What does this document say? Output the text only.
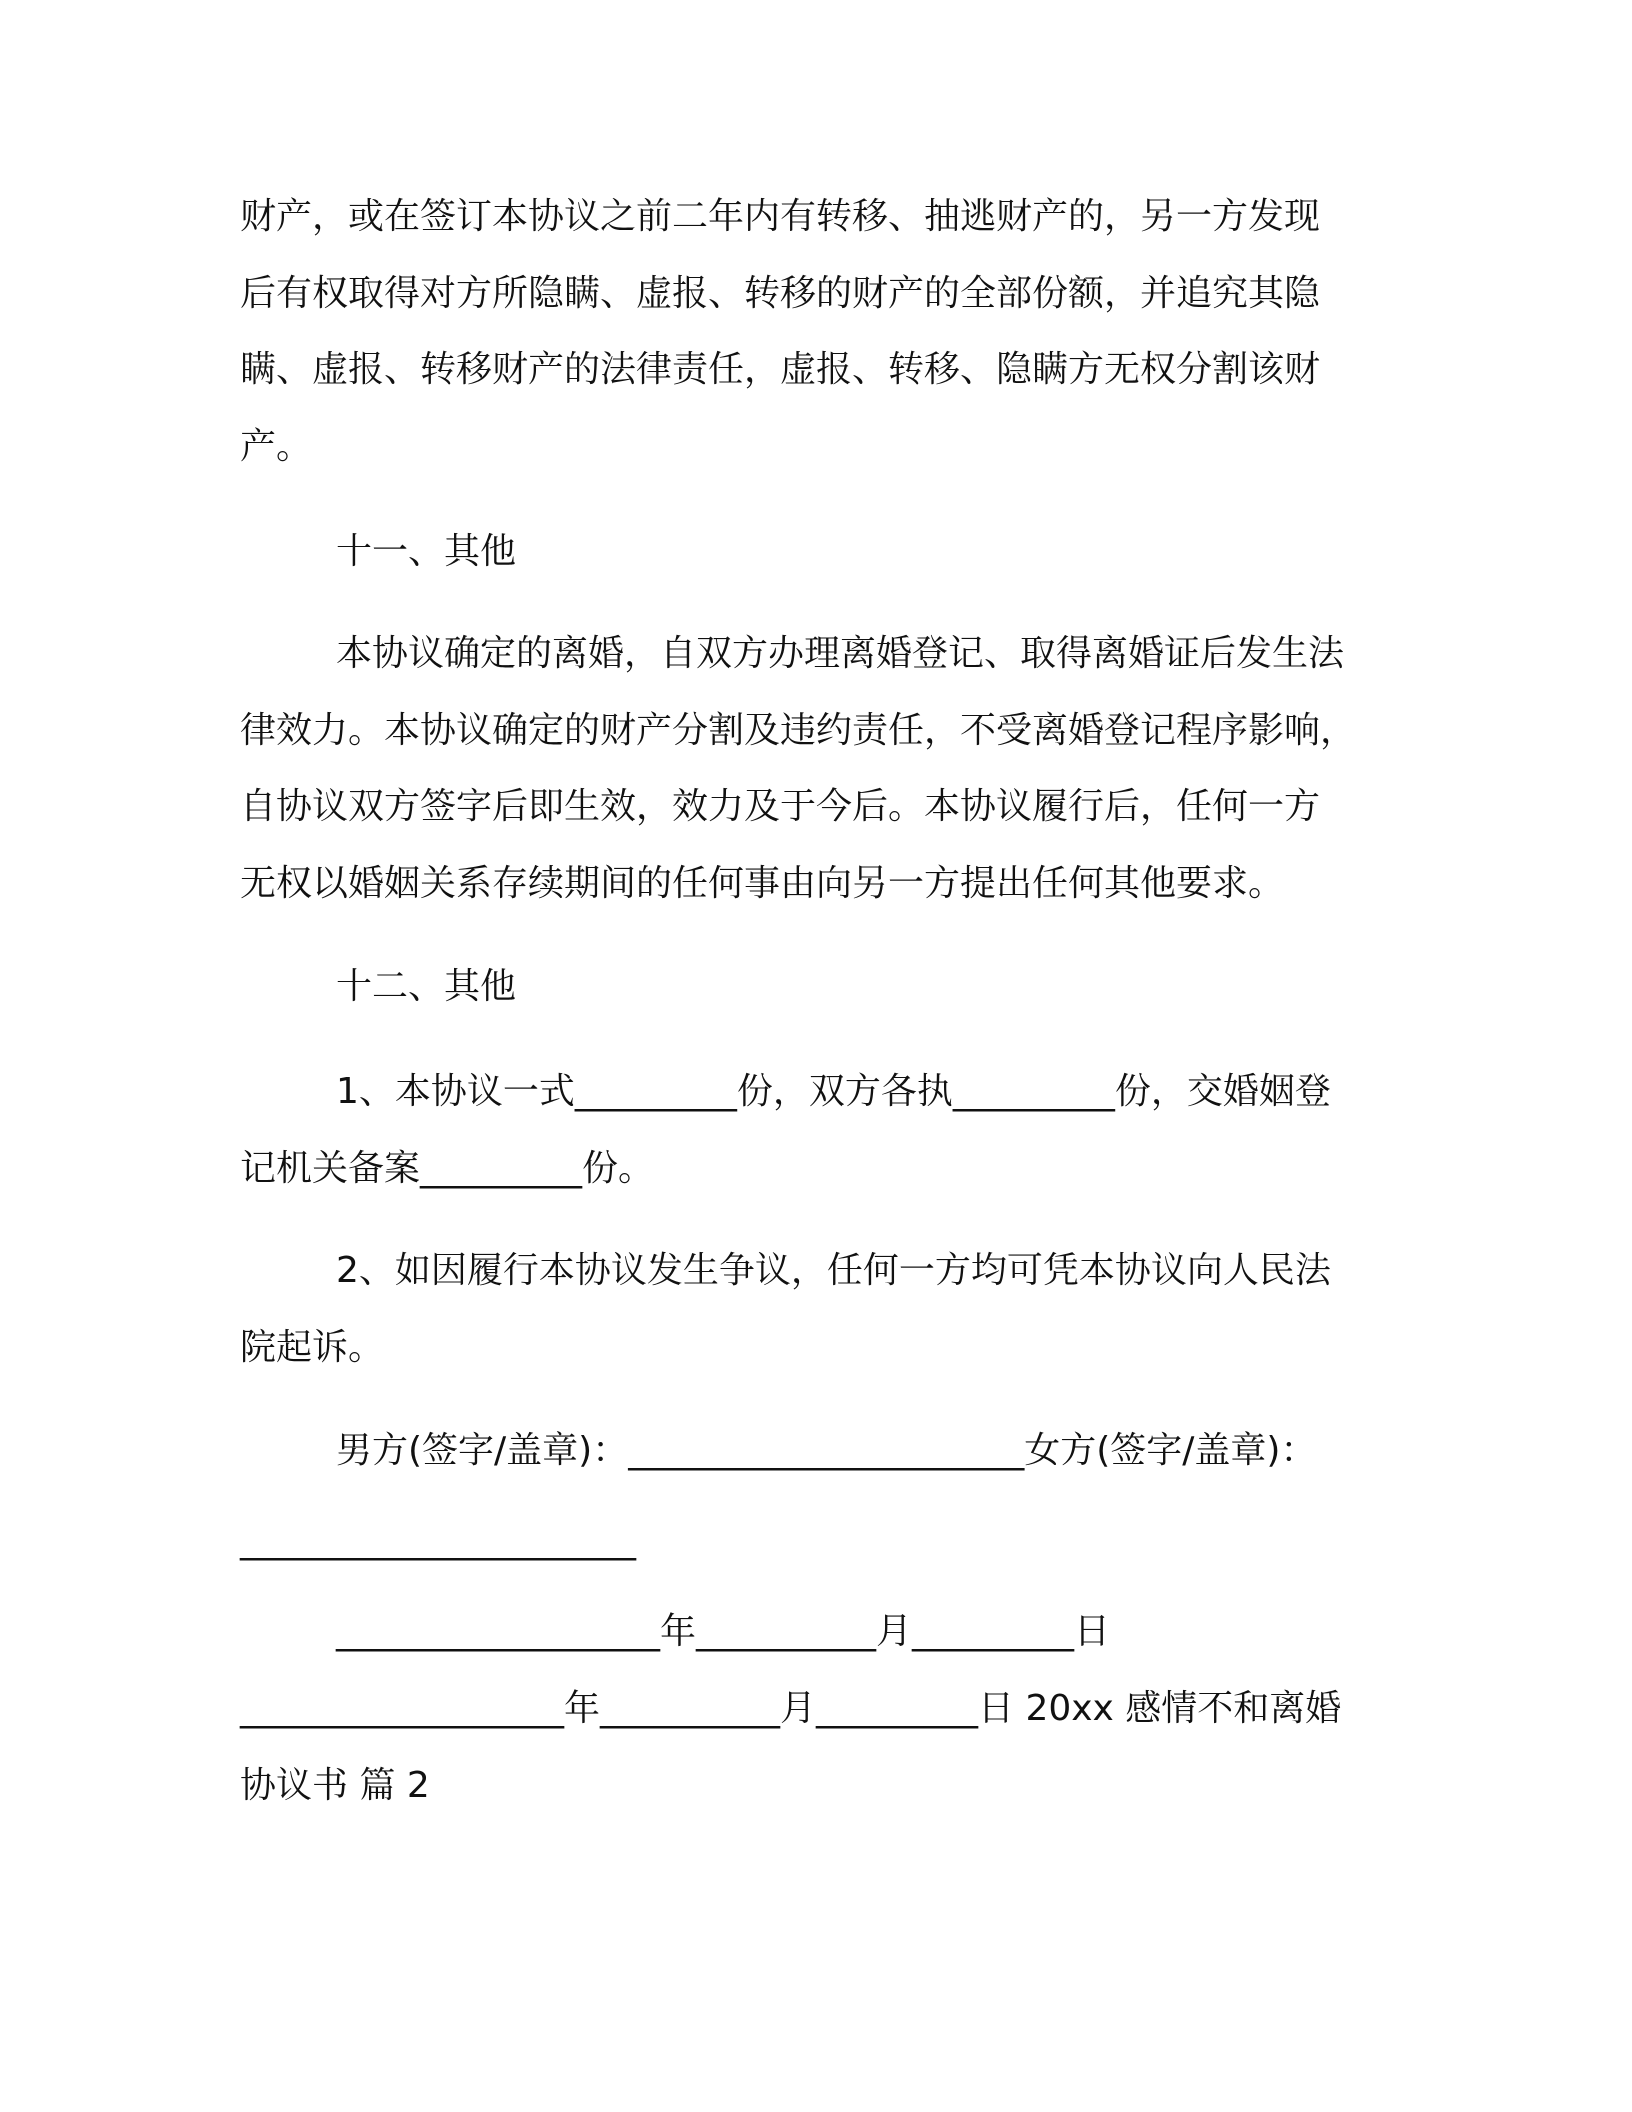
财产，或在签订本协议之前二年内有转移、抽逃财产的，另一方发现
后有权取得对方所隐瞒、虚报、转移的财产的全部份额，并追究其隐
瞒、虚报、转移财产的法律责任，虚报、转移、隐瞒方无权分割该财
产。
十一、其他
本协议确定的离婚，自双方办理离婚登记、取得离婚证后发生法
律效力。本协议确定的财产分割及违约责任，不受离婚登记程序影响，
自协议双方签字后即生效，效力及于今后。本协议履行后，任何一方
无权以婚姻关系存续期间的任何事由向另一方提出任何其他要求。
十二、其他
1、本协议一式_________份，双方各执_________份，交婚姻登
记机关备案_________份。
2、如因履行本协议发生争议，任何一方均可凭本协议向人民法
院起诉。
男方(签字/盖章)：______________________女方(签字/盖章)：
______________________
__________________年__________月_________日
__________________年__________月_________日 20xx 感情不和离婚
协议书 篇 2
